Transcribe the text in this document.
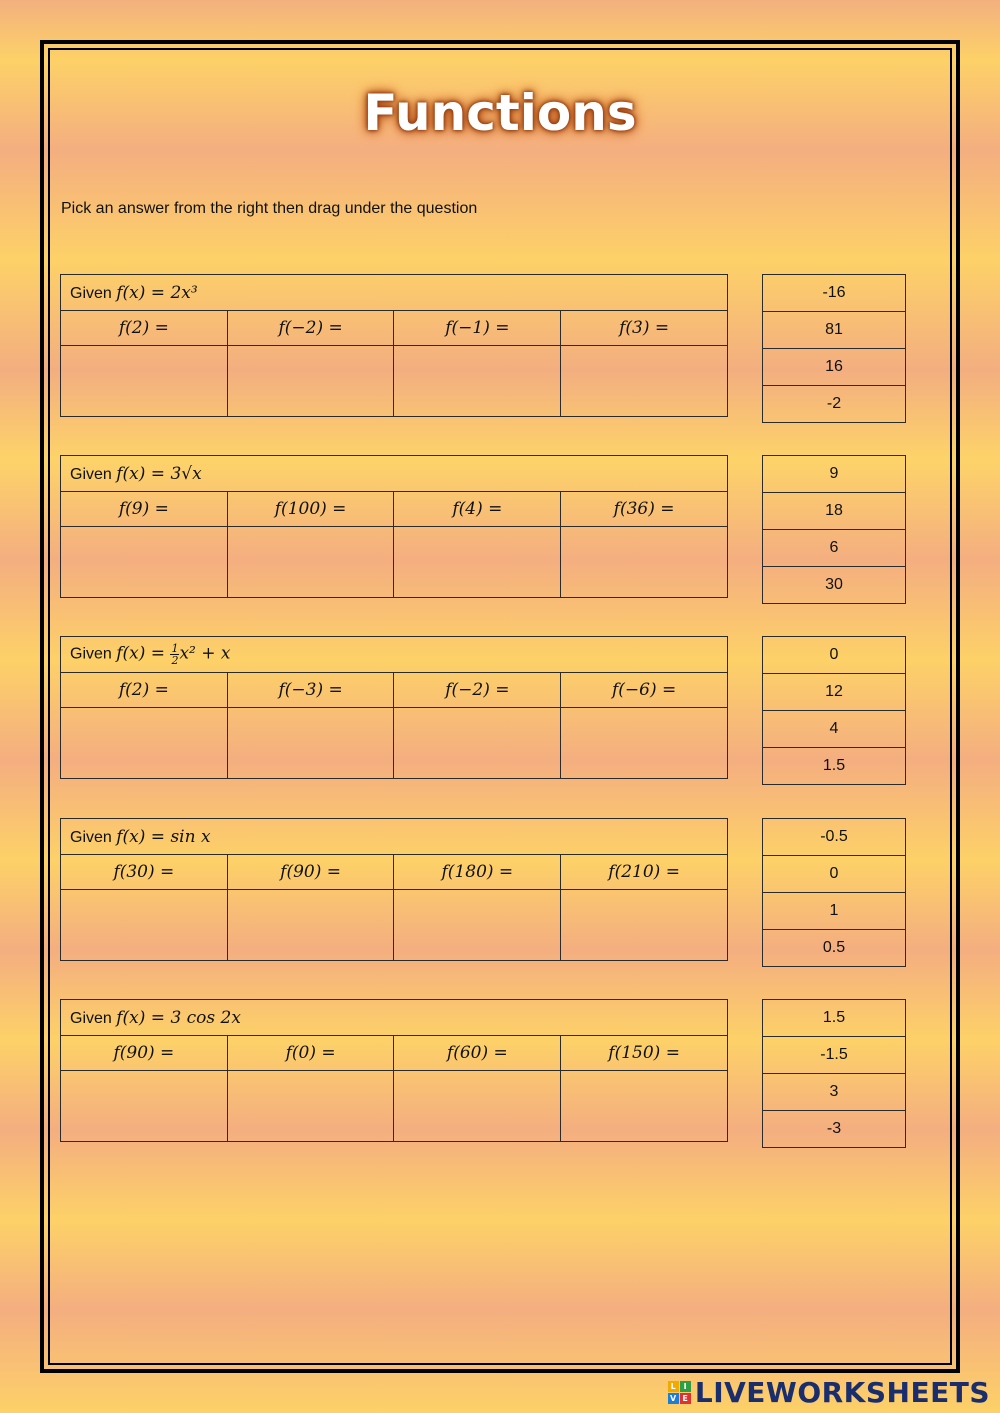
Functions
Pick an answer from the right then drag under the question
Given f(x) = 2x³			
f(2) =	f(−2) =	f(−1) =	f(3) =

-16
81
16
-2
Given f(x) = 3√x			
f(9) =	f(100) =	f(4) =	f(36) =

9
18
6
30
Given $f(x) = \frac{1}{2} x^2 + x$			
f(2) =	f(−3) =	f(−2) =	f(−6) =

0
12
4
1.5
Given f(x) = sin x			
f(30) =	f(90) =	f(180) =	f(210) =

-0.5
0
1
0.5
Given f(x) = 3 cos 2x			
f(90) =	f(0) =	f(60) =	f(150) =

1.5
-1.5
3
-3
L I
V E LIVEWORKSHEETS
